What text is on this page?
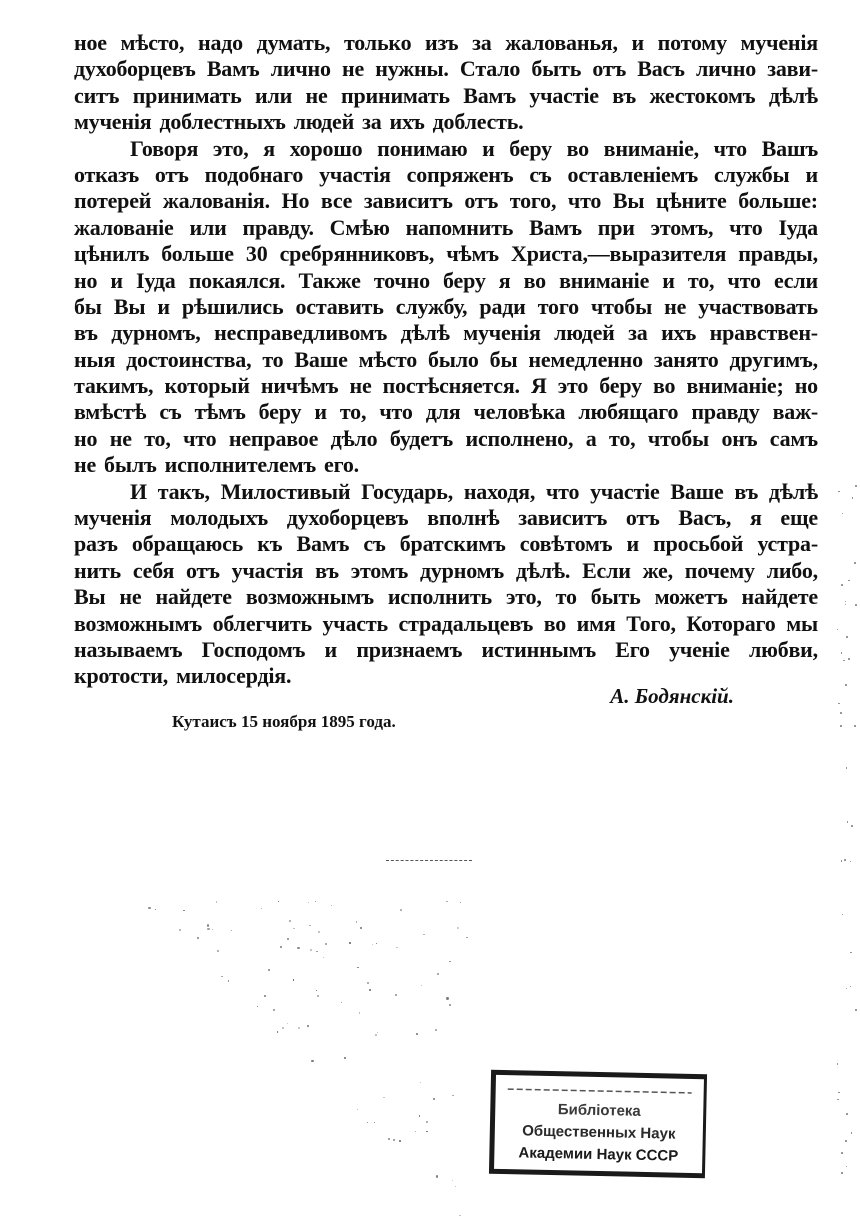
ное мѣсто, надо думать, только изъ за жалованья, и потому мученія
духоборцевъ Вамъ лично не нужны. Стало быть отъ Васъ лично зави-
ситъ принимать или не принимать Вамъ участіе въ жестокомъ дѣлѣ
мученія доблестныхъ людей за ихъ доблесть.
Говоря это, я хорошо понимаю и беру во вниманіе, что Вашъ
отказъ отъ подобнаго участія сопряженъ съ оставленіемъ службы и
потерей жалованія. Но все зависитъ отъ того, что Вы цѣните больше:
жалованіе или правду. Смѣю напомнить Вамъ при этомъ, что Іуда
цѣнилъ больше 30 сребрянниковъ, чѣмъ Христа,—выразителя правды,
но и Іуда покаялся. Также точно беру я во вниманіе и то, что если
бы Вы и рѣшились оставить службу, ради того чтобы не участвовать
въ дурномъ, несправедливомъ дѣлѣ мученія людей за ихъ нравствен-
ныя достоинства, то Ваше мѣсто было бы немедленно занято другимъ,
такимъ, который ничѣмъ не постѣсняется. Я это беру во вниманіе; но
вмѣстѣ съ тѣмъ беру и то, что для человѣка любящаго правду важ-
но не то, что неправое дѣло будетъ исполнено, а то, чтобы онъ самъ
не былъ исполнителемъ его.
И такъ, Милостивый Государь, находя, что участіе Ваше въ дѣлѣ
мученія молодыхъ духоборцевъ вполнѣ зависитъ отъ Васъ, я еще
разъ обращаюсь къ Вамъ съ братскимъ совѣтомъ и просьбой устра-
нить себя отъ участія въ этомъ дурномъ дѣлѣ. Если же, почему либо,
Вы не найдете возможнымъ исполнить это, то быть можетъ найдете
возможнымъ облегчить участь страдальцевъ во имя Того, Котораго мы
называемъ Господомъ и признаемъ истиннымъ Его ученіе любви,
кротости, милосердія.
А. Бодянскій.
Кутаисъ 15 ноября 1895 года.
Библіотека
Общественных Наук
Академии Наук СССР
